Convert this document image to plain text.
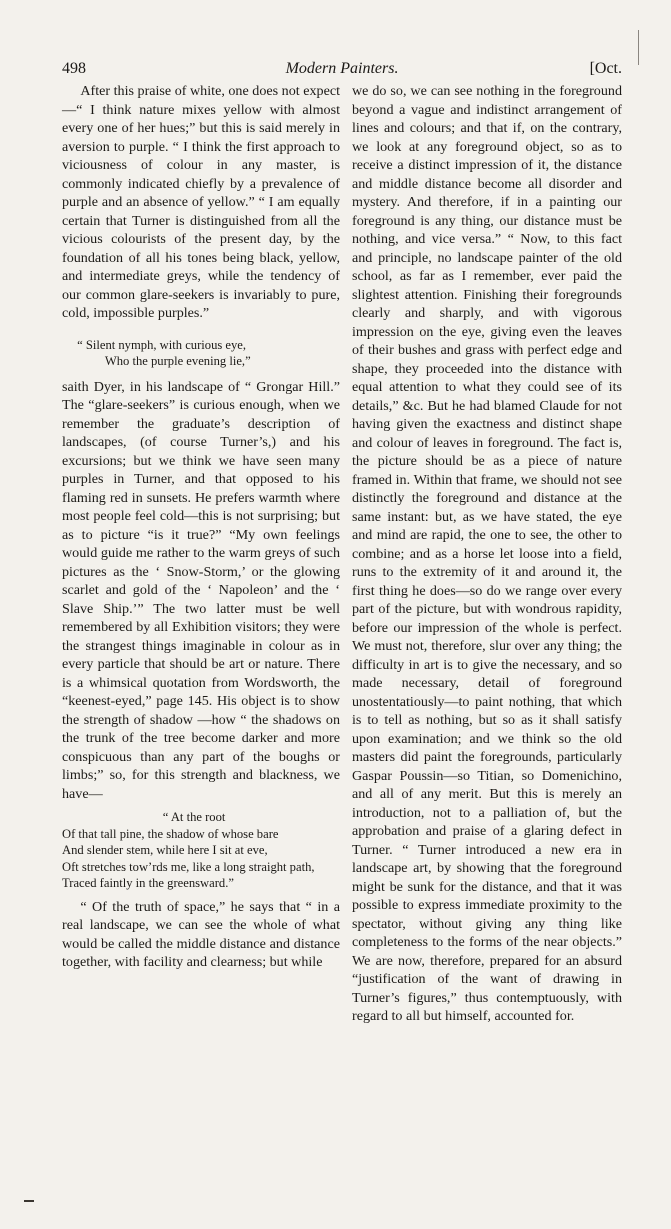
498	Modern Painters.	[Oct.

After this praise of white, one does not expect—“ I think nature mixes yellow with almost every one of her hues;” but this is said merely in aversion to purple. “ I think the first approach to viciousness of colour in any master, is commonly indicated chiefly by a prevalence of purple and an absence of yellow.” “ I am equally certain that Turner is distinguished from all the vicious colourists of the present day, by the foundation of all his tones being black, yellow, and intermediate greys, while the tendency of our common glare-seekers is invariably to pure, cold, impossible purples.”

“ Silent nymph, with curious eye,
Who the purple evening lie,”

saith Dyer, in his landscape of “ Grongar Hill.” The “glare-seekers” is curious enough, when we remember the graduate’s description of landscapes, (of course Turner’s,) and his excursions; but we think we have seen many purples in Turner, and that opposed to his flaming red in sunsets. He prefers warmth where most people feel cold—this is not surprising; but as to picture “is it true?” “My own feelings would guide me rather to the warm greys of such pictures as the ‘ Snow-Storm,’ or the glowing scarlet and gold of the ‘ Napoleon’ and the ‘ Slave Ship.’” The two latter must be well remembered by all Exhibition visitors; they were the strangest things imaginable in colour as in every particle that should be art or nature. There is a whimsical quotation from Wordsworth, the “keenest-eyed,” page 145. His object is to show the strength of shadow —how “ the shadows on the trunk of the tree become darker and more conspicuous than any part of the boughs or limbs;” so, for this strength and blackness, we have—

“ At the root
Of that tall pine, the shadow of whose bare
And slender stem, while here I sit at eve,
Oft stretches tow’rds me, like a long straight path,
Traced faintly in the greensward.”

“ Of the truth of space,” he says that “ in a real landscape, we can see the whole of what would be called the middle distance and distance together, with facility and clearness; but while

we do so, we can see nothing in the foreground beyond a vague and indistinct arrangement of lines and colours; and that if, on the contrary, we look at any foreground object, so as to receive a distinct impression of it, the distance and middle distance become all disorder and mystery. And therefore, if in a painting our foreground is any thing, our distance must be nothing, and vice versa.” “ Now, to this fact and principle, no landscape painter of the old school, as far as I remember, ever paid the slightest attention. Finishing their foregrounds clearly and sharply, and with vigorous impression on the eye, giving even the leaves of their bushes and grass with perfect edge and shape, they proceeded into the distance with equal attention to what they could see of its details,” &c. But he had blamed Claude for not having given the exactness and distinct shape and colour of leaves in foreground. The fact is, the picture should be as a piece of nature framed in. Within that frame, we should not see distinctly the foreground and distance at the same instant: but, as we have stated, the eye and mind are rapid, the one to see, the other to combine; and as a horse let loose into a field, runs to the extremity of it and around it, the first thing he does—so do we range over every part of the picture, but with wondrous rapidity, before our impression of the whole is perfect. We must not, therefore, slur over any thing; the difficulty in art is to give the necessary, and so made necessary, detail of foreground unostentatiously—to paint nothing, that which is to tell as nothing, but so as it shall satisfy upon examination; and we think so the old masters did paint the foregrounds, particularly Gaspar Poussin—so Titian, so Domenichino, and all of any merit. But this is merely an introduction, not to a palliation of, but the approbation and praise of a glaring defect in Turner. “ Turner introduced a new era in landscape art, by showing that the foreground might be sunk for the distance, and that it was possible to express immediate proximity to the spectator, without giving any thing like completeness to the forms of the near objects.” We are now, therefore, prepared for an absurd “justification of the want of drawing in Turner’s figures,” thus contemptuously, with regard to all but himself, accounted for.
